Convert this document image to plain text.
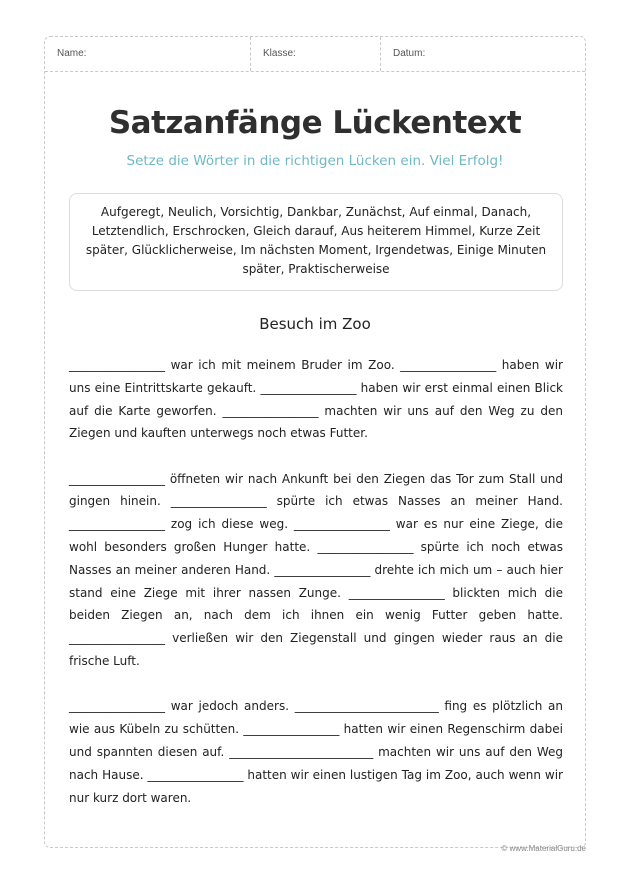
Name:	Klasse:	Datum:
Satzanfänge Lückentext
Setze die Wörter in die richtigen Lücken ein. Viel Erfolg!
Aufgeregt, Neulich, Vorsichtig, Dankbar, Zunächst, Auf einmal, Danach, Letztendlich, Erschrocken, Gleich darauf, Aus heiterem Himmel, Kurze Zeit später, Glücklicherweise, Im nächsten Moment, Irgendetwas, Einige Minuten später, Praktischerweise
Besuch im Zoo

________________ war ich mit meinem Bruder im Zoo. ________________ haben wir uns eine Eintrittskarte gekauft. ________________ haben wir erst einmal einen Blick auf die Karte geworfen. ________________ machten wir uns auf den Weg zu den Ziegen und kauften unterwegs noch etwas Futter.

________________ öffneten wir nach Ankunft bei den Ziegen das Tor zum Stall und gingen hinein. ________________ spürte ich etwas Nasses an meiner Hand. ________________ zog ich diese weg. ________________ war es nur eine Ziege, die wohl besonders großen Hunger hatte. ________________ spürte ich noch etwas Nasses an meiner anderen Hand. ________________ drehte ich mich um – auch hier stand eine Ziege mit ihrer nassen Zunge. ________________ blickten mich die beiden Ziegen an, nach dem ich ihnen ein wenig Futter geben hatte. ________________ verließen wir den Ziegenstall und gingen wieder raus an die frische Luft.

________________ war jedoch anders. ________________________ fing es plötzlich an wie aus Kübeln zu schütten. ________________ hatten wir einen Regenschirm dabei und spannten diesen auf. ________________________ machten wir uns auf den Weg nach Hause. ________________ hatten wir einen lustigen Tag im Zoo, auch wenn wir nur kurz dort waren.

© www.MaterialGuru.de
